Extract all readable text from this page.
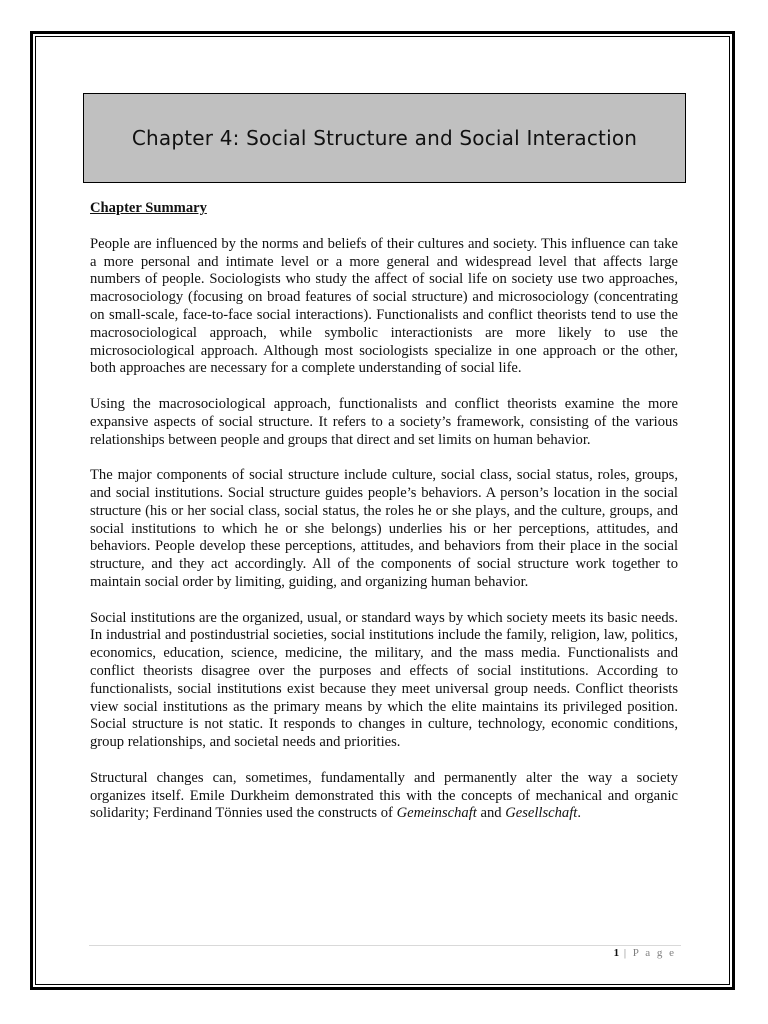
Chapter 4: Social Structure and Social Interaction
Chapter Summary

People are influenced by the norms and beliefs of their cultures and society. This influence can take a more personal and intimate level or a more general and widespread level that affects large numbers of people. Sociologists who study the affect of social life on society use two approaches, macrosociology (focusing on broad features of social structure) and microsociology (concentrating on small-scale, face-to-face social interactions). Functionalists and conflict theorists tend to use the macrosociological approach, while symbolic interactionists are more likely to use the microsociological approach. Although most sociologists specialize in one approach or the other, both approaches are necessary for a complete understanding of social life.

Using the macrosociological approach, functionalists and conflict theorists examine the more expansive aspects of social structure. It refers to a society’s framework, consisting of the various relationships between people and groups that direct and set limits on human behavior.

The major components of social structure include culture, social class, social status, roles, groups, and social institutions. Social structure guides people’s behaviors. A person’s location in the social structure (his or her social class, social status, the roles he or she plays, and the culture, groups, and social institutions to which he or she belongs) underlies his or her perceptions, attitudes, and behaviors. People develop these perceptions, attitudes, and behaviors from their place in the social structure, and they act accordingly. All of the components of social structure work together to maintain social order by limiting, guiding, and organizing human behavior.

Social institutions are the organized, usual, or standard ways by which society meets its basic needs. In industrial and postindustrial societies, social institutions include the family, religion, law, politics, economics, education, science, medicine, the military, and the mass media. Functionalists and conflict theorists disagree over the purposes and effects of social institutions. According to functionalists, social institutions exist because they meet universal group needs. Conflict theorists view social institutions as the primary means by which the elite maintains its privileged position. Social structure is not static. It responds to changes in culture, technology, economic conditions, group relationships, and societal needs and priorities.

Structural changes can, sometimes, fundamentally and permanently alter the way a society organizes itself. Emile Durkheim demonstrated this with the concepts of mechanical and organic solidarity; Ferdinand Tönnies used the constructs of Gemeinschaft and Gesellschaft.

1 | P a g e
